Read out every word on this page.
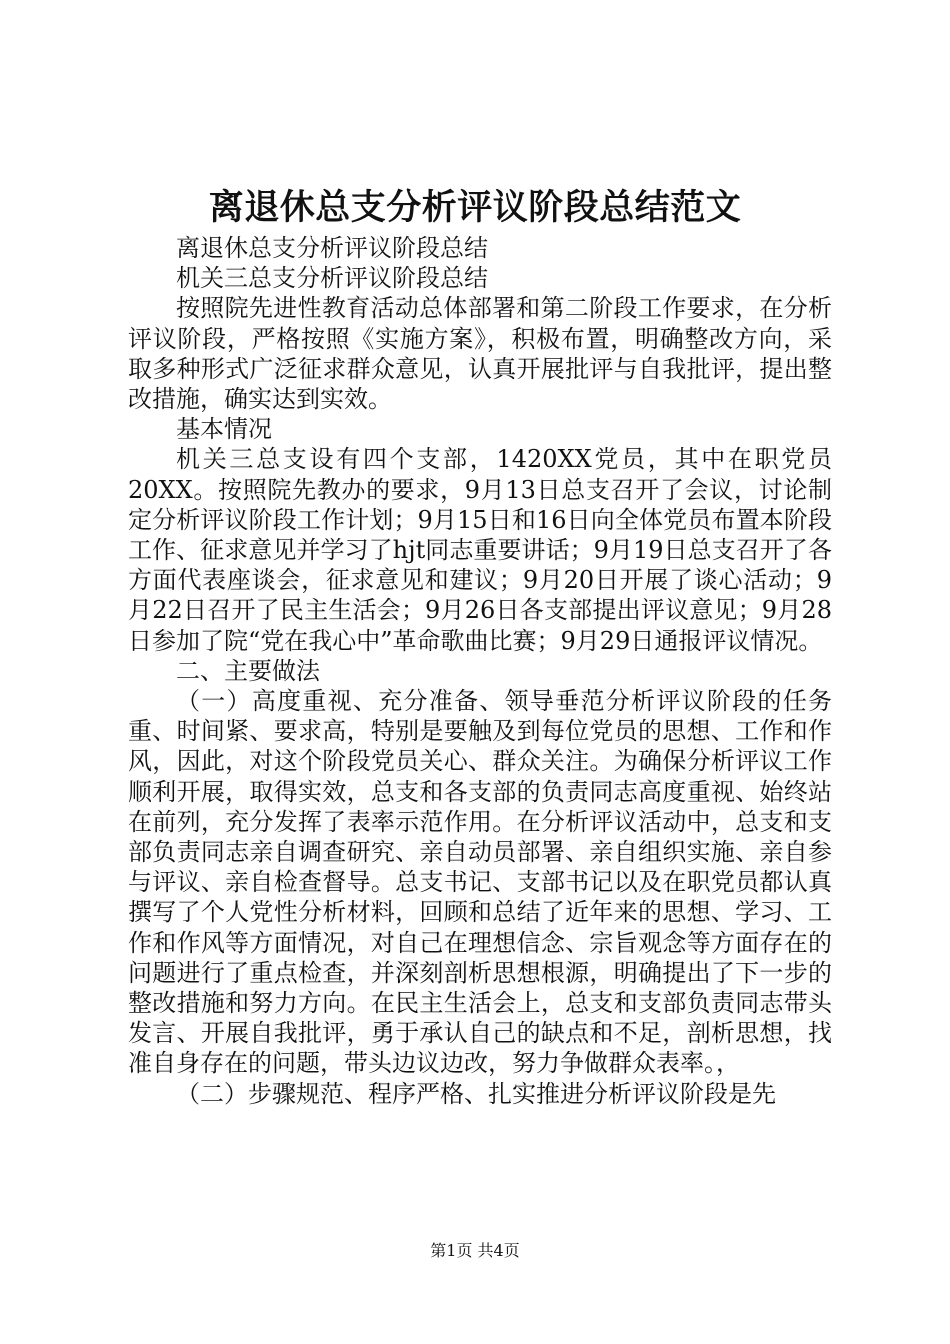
离退休总支分析评议阶段总结范文

离退休总支分析评议阶段总结

机关三总支分析评议阶段总结

按照院先进性教育活动总体部署和第二阶段工作要求，在分析评议阶段，严格按照《实施方案》，积极布置，明确整改方向，采取多种形式广泛征求群众意见，认真开展批评与自我批评，提出整改措施，确实达到实效。

基本情况

机关三总支设有四个支部，1420XX党员，其中在职党员20XX。按照院先教办的要求，9月13日总支召开了会议，讨论制定分析评议阶段工作计划；9月15日和16日向全体党员布置本阶段工作、征求意见并学习了hjt同志重要讲话；9月19日总支召开了各方面代表座谈会，征求意见和建议；9月20日开展了谈心活动；9月22日召开了民主生活会；9月26日各支部提出评议意见；9月28日参加了院“党在我心中”革命歌曲比赛；9月29日通报评议情况。

二、主要做法

（一）高度重视、充分准备、领导垂范分析评议阶段的任务重、时间紧、要求高，特别是要触及到每位党员的思想、工作和作风，因此，对这个阶段党员关心、群众关注。为确保分析评议工作顺利开展，取得实效，总支和各支部的负责同志高度重视、始终站在前列，充分发挥了表率示范作用。在分析评议活动中，总支和支部负责同志亲自调查研究、亲自动员部署、亲自组织实施、亲自参与评议、亲自检查督导。总支书记、支部书记以及在职党员都认真撰写了个人党性分析材料，回顾和总结了近年来的思想、学习、工作和作风等方面情况，对自己在理想信念、宗旨观念等方面存在的问题进行了重点检查，并深刻剖析思想根源，明确提出了下一步的整改措施和努力方向。在民主生活会上，总支和支部负责同志带头发言、开展自我批评，勇于承认自己的缺点和不足，剖析思想，找准自身存在的问题，带头边议边改，努力争做群众表率。，

（二）步骤规范、程序严格、扎实推进分析评议阶段是先

第1页 共4页
